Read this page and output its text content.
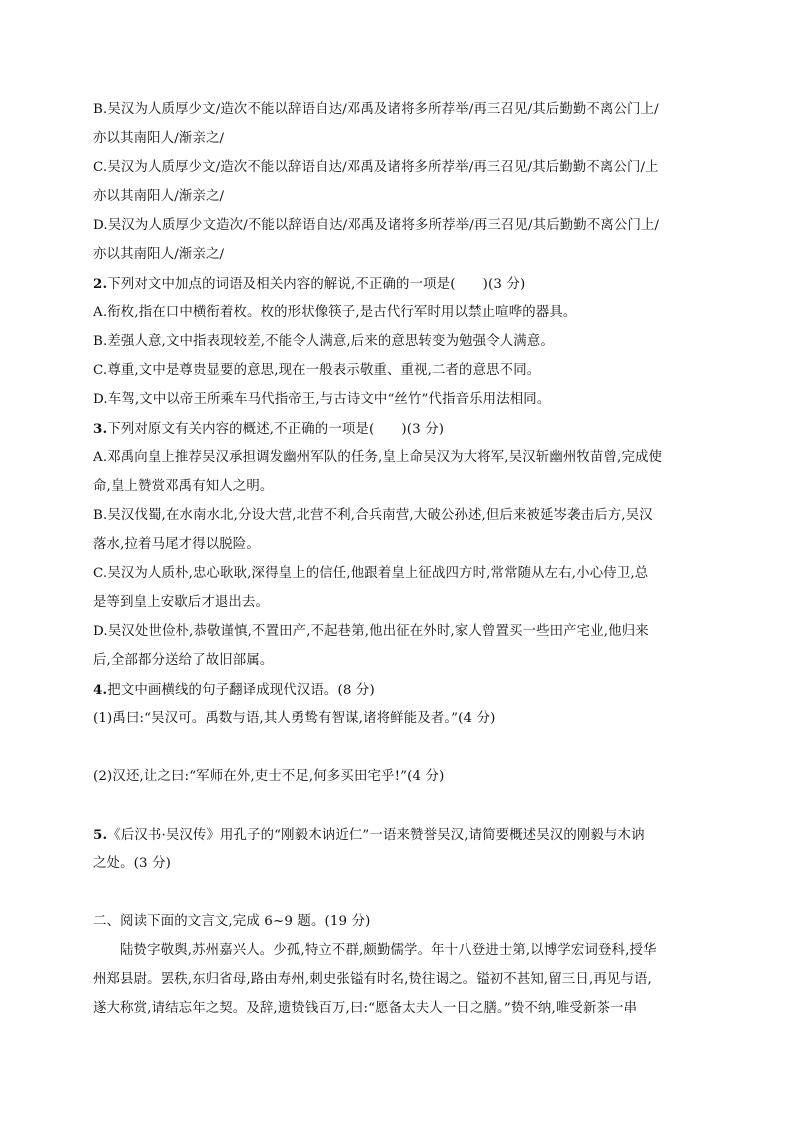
B.吴汉为人质厚少文/造次不能以辞语自达/邓禹及诸将多所荐举/再三召见/其后勤勤不离公门上/
亦以其南阳人/渐亲之/
C.吴汉为人质厚少文/造次不能以辞语自达/邓禹及诸将多所荐举/再三召见/其后勤勤不离公门/上
亦以其南阳人/渐亲之/
D.吴汉为人质厚少文造次/不能以辞语自达/邓禹及诸将多所荐举/再三召见/其后勤勤不离公门上/
亦以其南阳人/渐亲之/
2.下列对文中加点的词语及相关内容的解说,不正确的一项是(　　)(3 分)
A.衔枚,指在口中横衔着枚。枚的形状像筷子,是古代行军时用以禁止喧哗的器具。
B.差强人意,文中指表现较差,不能令人满意,后来的意思转变为勉强令人满意。
C.尊重,文中是尊贵显要的意思,现在一般表示敬重、重视,二者的意思不同。
D.车驾,文中以帝王所乘车马代指帝王,与古诗文中“丝竹”代指音乐用法相同。
3.下列对原文有关内容的概述,不正确的一项是(　　)(3 分)
A.邓禹向皇上推荐吴汉承担调发幽州军队的任务,皇上命吴汉为大将军,吴汉斩幽州牧苗曾,完成使
命,皇上赞赏邓禹有知人之明。
B.吴汉伐蜀,在水南水北,分设大营,北营不利,合兵南营,大破公孙述,但后来被延岑袭击后方,吴汉
落水,拉着马尾才得以脱险。
C.吴汉为人质朴,忠心耿耿,深得皇上的信任,他跟着皇上征战四方时,常常随从左右,小心侍卫,总
是等到皇上安歇后才退出去。
D.吴汉处世俭朴,恭敬谨慎,不置田产,不起巷第,他出征在外时,家人曾置买一些田产宅业,他归来
后,全部都分送给了故旧部属。
4.把文中画横线的句子翻译成现代汉语。(8 分)
(1)禹曰:“吴汉可。禹数与语,其人勇鸷有智谋,诸将鲜能及者。”(4 分)
(2)汉还,让之曰:“军师在外,吏士不足,何多买田宅乎!”(4 分)
5.《后汉书·吴汉传》用孔子的“刚毅木讷近仁”一语来赞誉吴汉,请简要概述吴汉的刚毅与木讷
之处。(3 分)
二、阅读下面的文言文,完成 6~9 题。(19 分)
陆贽字敬舆,苏州嘉兴人。少孤,特立不群,颇勤儒学。年十八登进士第,以博学宏词登科,授华
州郑县尉。罢秩,东归省母,路由寿州,刺史张镒有时名,贽往谒之。镒初不甚知,留三日,再见与语,
遂大称赏,请结忘年之契。及辞,遗贽钱百万,曰:“愿备太夫人一日之膳。”贽不纳,唯受新茶一串
